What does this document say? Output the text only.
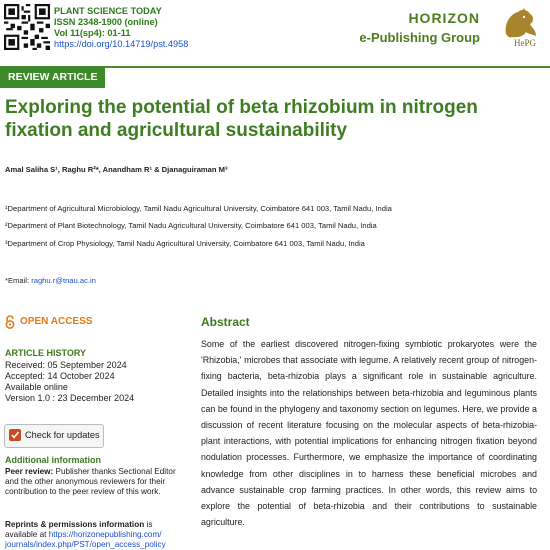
PLANT SCIENCE TODAY
ISSN 2348-1900 (online)
Vol 11(sp4): 01-11
https://doi.org/10.14719/pst.4958
HORIZON
e-Publishing Group	HePG
REVIEW ARTICLE
Exploring the potential of beta rhizobium in nitrogen fixation and agricultural sustainability
Amal Saliha S¹, Raghu R²*, Anandham R¹ & Djanaguiraman M³
¹Department of Agricultural Microbiology, Tamil Nadu Agricultural University, Coimbatore 641 003, Tamil Nadu, India
²Department of Plant Biotechnology, Tamil Nadu Agricultural University, Coimbatore 641 003, Tamil Nadu, India
³Department of Crop Physiology, Tamil Nadu Agricultural University, Coimbatore 641 003, Tamil Nadu, India
*Email: raghu.r@tnau.ac.in
OPEN ACCESS
ARTICLE HISTORY
Received: 05 September 2024
Accepted: 14 October 2024
Available online
Version 1.0 : 23 December 2024
Check for updates
Additional information
Peer review: Publisher thanks Sectional Editor and the other anonymous reviewers for their contribution to the peer review of this work.
Reprints & permissions information is available at https://horizonepublishing.com/ journals/index.php/PST/open_access_policy
Abstract
Some of the earliest discovered nitrogen-fixing symbiotic prokaryotes were the 'Rhizobia,' microbes that associate with legume. A relatively recent group of nitrogen-fixing bacteria, beta-rhizobia plays a significant role in sustainable agriculture. Detailed insights into the relationships between beta-rhizobia and leguminous plants can be found in the phylogeny and taxonomy section on legumes. Here, we provide a discussion of recent literature focusing on the molecular aspects of beta-rhizobia-plant interactions, with potential implications for enhancing nitrogen fixation beyond nodulation processes. Furthermore, we emphasize the importance of coordinating knowledge from other disciplines in to harness these beneficial microbes and advance sustainable crop farming practices. In other words, this review aims to explore the potential of beta-rhizobia and their contributions to sustainable agriculture.
